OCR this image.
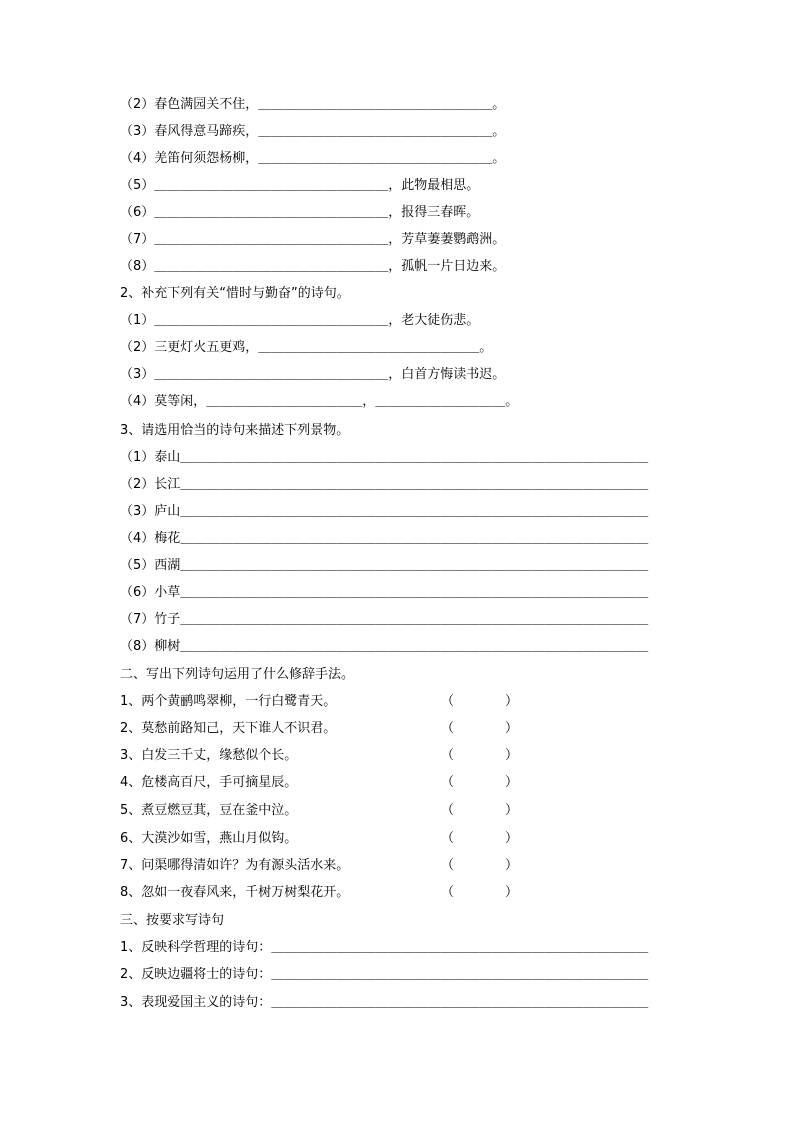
（2）春色满园关不住，＿＿＿＿＿＿＿＿＿＿＿＿＿＿＿＿＿＿。
（3）春风得意马蹄疾，＿＿＿＿＿＿＿＿＿＿＿＿＿＿＿＿＿＿。
（4）羌笛何须怨杨柳，＿＿＿＿＿＿＿＿＿＿＿＿＿＿＿＿＿＿。
（5）＿＿＿＿＿＿＿＿＿＿＿＿＿＿＿＿＿＿，此物最相思。
（6）＿＿＿＿＿＿＿＿＿＿＿＿＿＿＿＿＿＿，报得三春晖。
（7）＿＿＿＿＿＿＿＿＿＿＿＿＿＿＿＿＿＿，芳草萋萋鹦鹉洲。
（8）＿＿＿＿＿＿＿＿＿＿＿＿＿＿＿＿＿＿，孤帆一片日边来。
2、补充下列有关“惜时与勤奋”的诗句。
（1）＿＿＿＿＿＿＿＿＿＿＿＿＿＿＿＿＿＿，老大徒伤悲。
（2）三更灯火五更鸡，＿＿＿＿＿＿＿＿＿＿＿＿＿＿＿＿＿。
（3）＿＿＿＿＿＿＿＿＿＿＿＿＿＿＿＿＿＿，白首方悔读书迟。
（4）莫等闲，＿＿＿＿＿＿＿＿＿＿＿＿，＿＿＿＿＿＿＿＿＿＿。
3、请选用恰当的诗句来描述下列景物。
（1）泰山＿＿＿＿＿＿＿＿＿＿＿＿＿＿＿＿＿＿＿＿＿＿＿＿＿＿＿＿＿＿＿＿＿＿＿＿
（2）长江＿＿＿＿＿＿＿＿＿＿＿＿＿＿＿＿＿＿＿＿＿＿＿＿＿＿＿＿＿＿＿＿＿＿＿＿
（3）庐山＿＿＿＿＿＿＿＿＿＿＿＿＿＿＿＿＿＿＿＿＿＿＿＿＿＿＿＿＿＿＿＿＿＿＿＿
（4）梅花＿＿＿＿＿＿＿＿＿＿＿＿＿＿＿＿＿＿＿＿＿＿＿＿＿＿＿＿＿＿＿＿＿＿＿＿
（5）西湖＿＿＿＿＿＿＿＿＿＿＿＿＿＿＿＿＿＿＿＿＿＿＿＿＿＿＿＿＿＿＿＿＿＿＿＿
（6）小草＿＿＿＿＿＿＿＿＿＿＿＿＿＿＿＿＿＿＿＿＿＿＿＿＿＿＿＿＿＿＿＿＿＿＿＿
（7）竹子＿＿＿＿＿＿＿＿＿＿＿＿＿＿＿＿＿＿＿＿＿＿＿＿＿＿＿＿＿＿＿＿＿＿＿＿
（8）柳树＿＿＿＿＿＿＿＿＿＿＿＿＿＿＿＿＿＿＿＿＿＿＿＿＿＿＿＿＿＿＿＿＿＿＿＿
二、写出下列诗句运用了什么修辞手法。
1、两个黄鹂鸣翠柳，一行白鹭青天。	（	）
2、莫愁前路知己，天下谁人不识君。	（	）
3、白发三千丈，缘愁似个长。	（	）
4、危楼高百尺，手可摘星辰。	（	）
5、煮豆燃豆萁，豆在釜中泣。	（	）
6、大漠沙如雪，燕山月似钩。	（	）
7、问渠哪得清如许？为有源头活水来。	（	）
8、忽如一夜春风来，千树万树梨花开。	（	）
三、按要求写诗句
1、反映科学哲理的诗句：＿＿＿＿＿＿＿＿＿＿＿＿＿＿＿＿＿＿＿＿＿＿＿＿＿＿＿＿＿
2、反映边疆将士的诗句：＿＿＿＿＿＿＿＿＿＿＿＿＿＿＿＿＿＿＿＿＿＿＿＿＿＿＿＿＿
3、表现爱国主义的诗句：＿＿＿＿＿＿＿＿＿＿＿＿＿＿＿＿＿＿＿＿＿＿＿＿＿＿＿＿＿
